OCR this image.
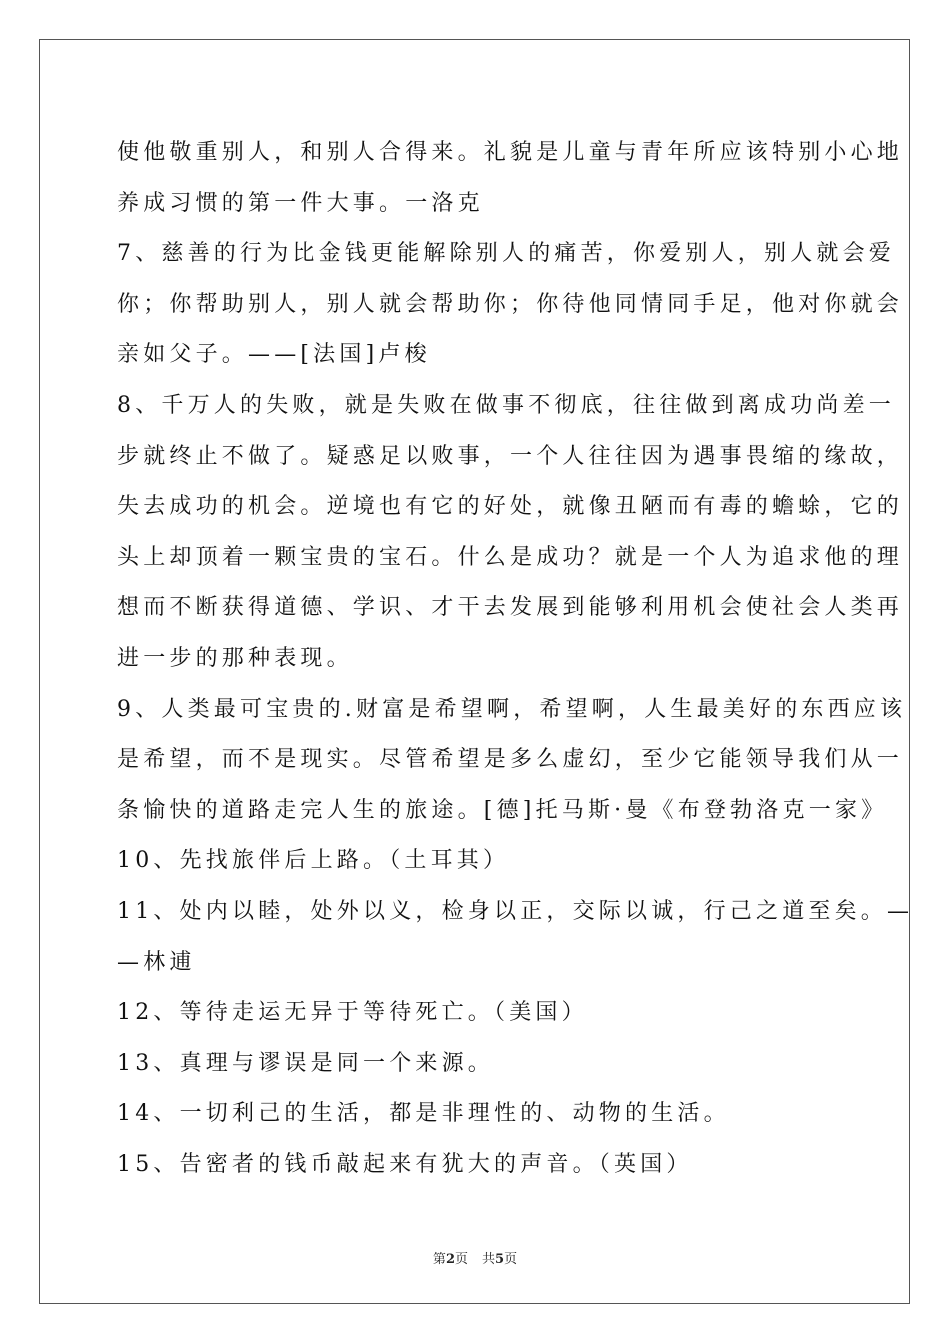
使他敬重别人，和别人合得来。礼貌是儿童与青年所应该特别小心地
养成习惯的第一件大事。一洛克
7、慈善的行为比金钱更能解除别人的痛苦，你爱别人，别人就会爱
你；你帮助别人，别人就会帮助你；你待他同情同手足，他对你就会
亲如父子。——[法国]卢梭
8、千万人的失败，就是失败在做事不彻底，往往做到离成功尚差一
步就终止不做了。疑惑足以败事，一个人往往因为遇事畏缩的缘故，
失去成功的机会。逆境也有它的好处，就像丑陋而有毒的蟾蜍，它的
头上却顶着一颗宝贵的宝石。什么是成功？就是一个人为追求他的理
想而不断获得道德、学识、才干去发展到能够利用机会使社会人类再
进一步的那种表现。
9、人类最可宝贵的.财富是希望啊，希望啊，人生最美好的东西应该
是希望，而不是现实。尽管希望是多么虚幻，至少它能领导我们从一
条愉快的道路走完人生的旅途。[德]托马斯·曼《布登勃洛克一家》
10、先找旅伴后上路。（土耳其）
11、处内以睦，处外以义，检身以正，交际以诚，行己之道至矣。—
—林逋
12、等待走运无异于等待死亡。（美国）
13、真理与谬误是同一个来源。
14、一切利己的生活，都是非理性的、动物的生活。
15、告密者的钱币敲起来有犹大的声音。（英国）
第2页 共5页
